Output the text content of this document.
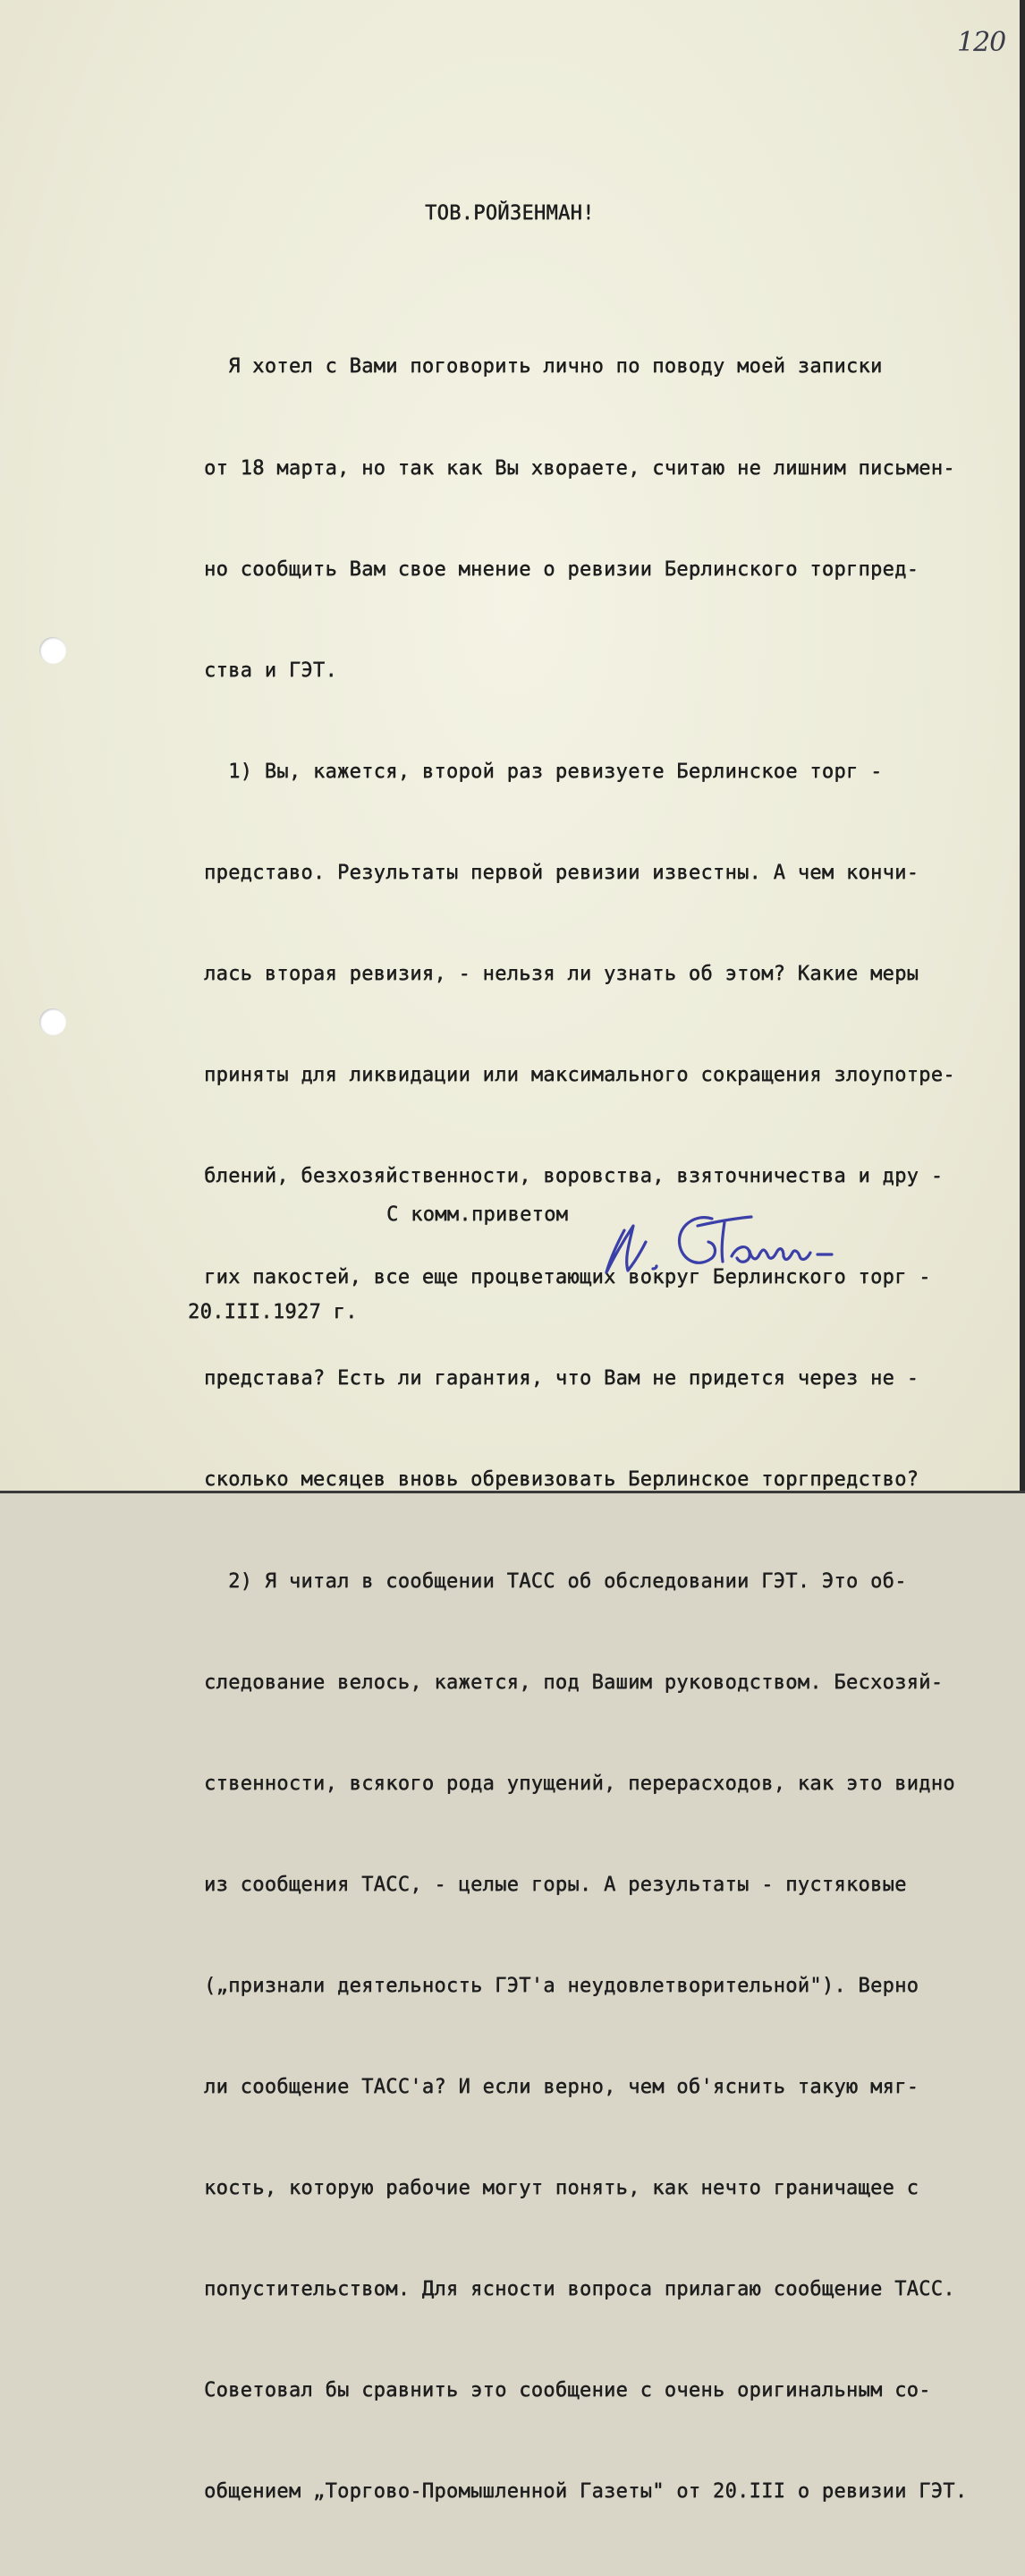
120
ТОВ.РОЙЗЕНМАН!

Я хотел с Вами поговорить лично по поводу моей записки

от 18 марта, но так как Вы хвораете, считаю не лишним письмен-

но сообщить Вам свое мнение о ревизии Берлинского торгпред-

ства и ГЭТ.

1) Вы, кажется, второй раз ревизуете Берлинское торг -

представо. Результаты первой ревизии известны. А чем кончи-

лась вторая ревизия, - нельзя ли узнать об этом? Какие меры

приняты для ликвидации или максимального сокращения злоупотре-

блений, безхозяйственности, воровства, взяточничества и дру -

гих пакостей, все еще процветающих вокруг Берлинского торг -

представа? Есть ли гарантия, что Вам не придется через не -

сколько месяцев вновь обревизовать Берлинское торгпредство?

2) Я читал в сообщении ТАСС об обследовании ГЭТ. Это об-

следование велось, кажется, под Вашим руководством. Бесхозяй-

ственности, всякого рода упущений, перерасходов, как это видно

из сообщения ТАСС, - целые горы. А результаты - пустяковые

(„признали деятельность ГЭТ'а неудовлетворительной"). Верно

ли сообщение ТАСС'а? И если верно, чем об'яснить такую мяг-

кость, которую рабочие могут понять, как нечто граничащее с

попустительством. Для ясности вопроса прилагаю сообщение ТАСС.

Советовал бы сравнить это сообщение с очень оригинальным со-

общением „Торгово-Промышленной Газеты" от 20.III о ревизии ГЭТ.

С комм.приветом
20.III.1927 г.
